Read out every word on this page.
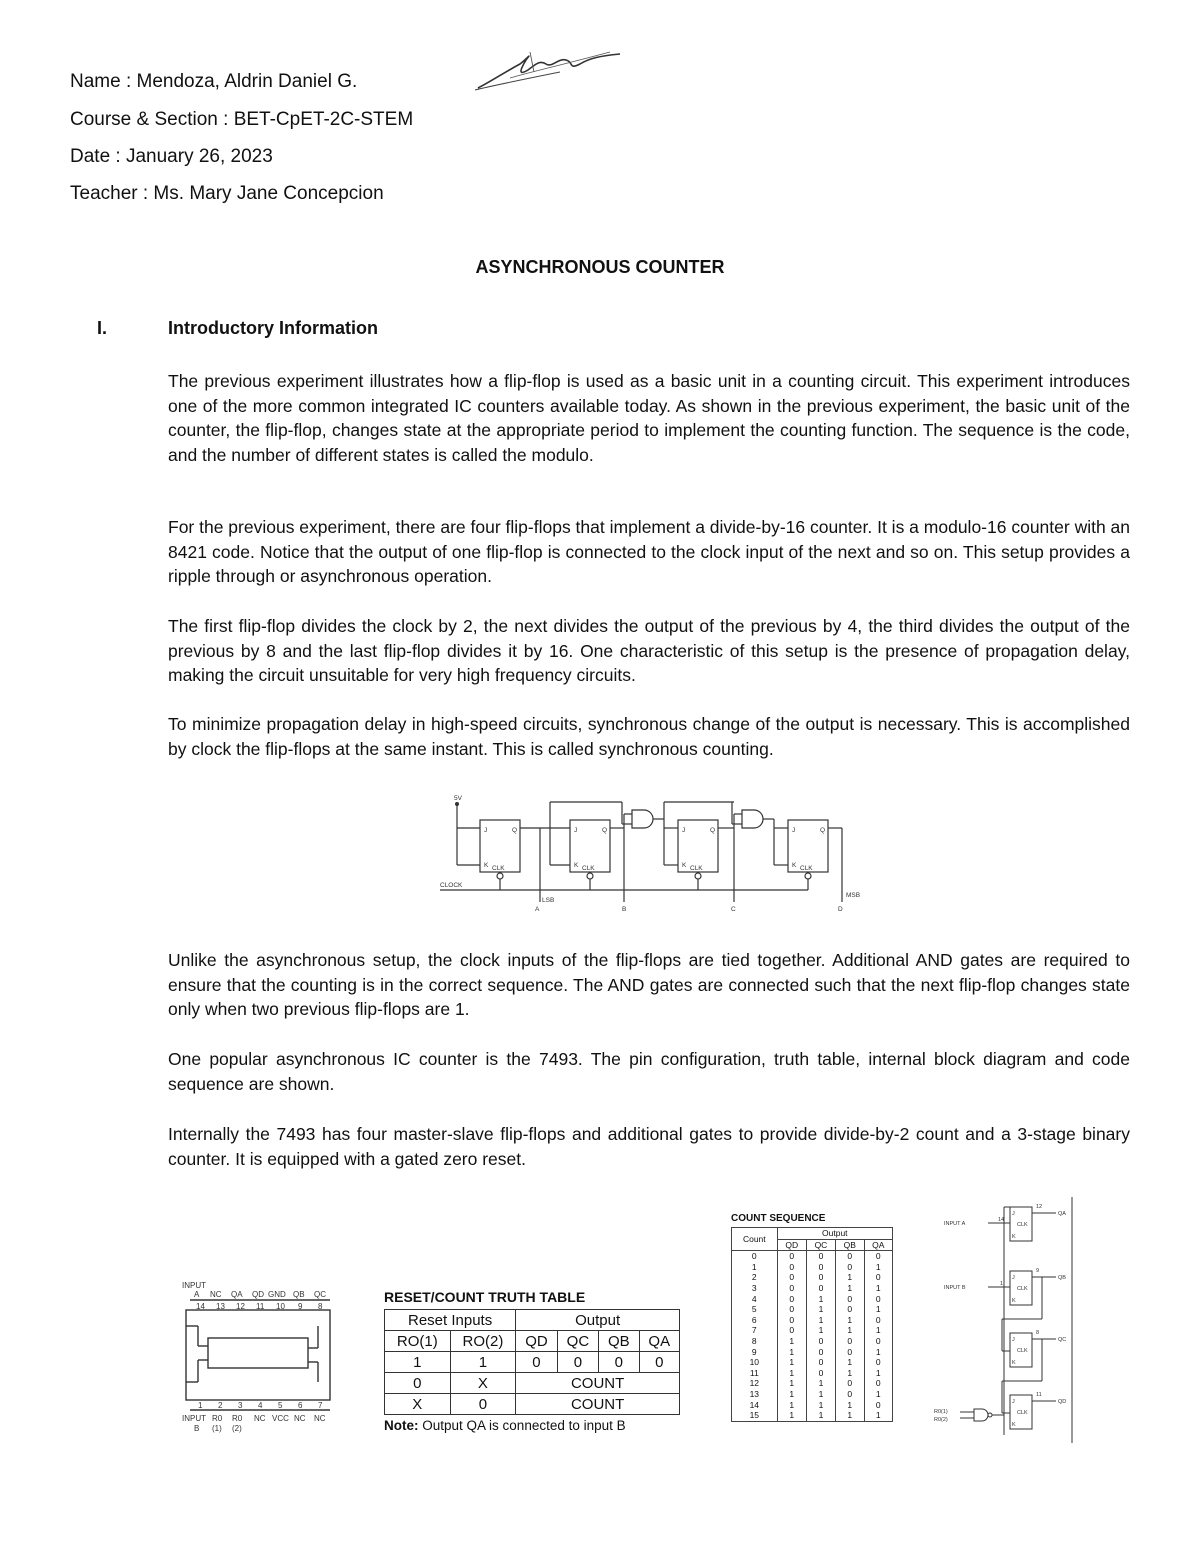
Name : Mendoza, Aldrin Daniel G.
Course & Section : BET-CpET-2C-STEM
Date : January 26, 2023
Teacher : Ms. Mary Jane Concepcion
ASYNCHRONOUS COUNTER
I.	Introductory Information
The previous experiment illustrates how a flip-flop is used as a basic unit in a counting circuit. This experiment introduces one of the more common integrated IC counters available today. As shown in the previous experiment, the basic unit of the counter, the flip-flop, changes state at the appropriate period to implement the counting function. The sequence is the code, and the number of different states is called the modulo.
For the previous experiment, there are four flip-flops that implement a divide-by-16 counter. It is a modulo-16 counter with an 8421 code. Notice that the output of one flip-flop is connected to the clock input of the next and so on. This setup provides a ripple through or asynchronous operation.
The first flip-flop divides the clock by 2, the next divides the output of the previous by 4, the third divides the output of the previous by 8 and the last flip-flop divides it by 16. One characteristic of this setup is the presence of propagation delay, making the circuit unsuitable for very high frequency circuits.
To minimize propagation delay in high-speed circuits, synchronous change of the output is necessary. This is accomplished by clock the flip-flops at the same instant. This is called synchronous counting.
5V
CLOCK
LSB
MSB
A	B	C	D
J	Q
K CLK
J	Q
K CLK
J	Q
K CLK
J	Q
K CLK
Unlike the asynchronous setup, the clock inputs of the flip-flops are tied together. Additional AND gates are required to ensure that the counting is in the correct sequence. The AND gates are connected such that the next flip-flop changes state only when two previous flip-flops are 1.
One popular asynchronous IC counter is the 7493. The pin configuration, truth table, internal block diagram and code sequence are shown.
Internally the 7493 has four master-slave flip-flops and additional gates to provide divide-by-2 count and a 3-stage binary counter. It is equipped with a gated zero reset.
INPUT
A NC QA QD GND QB QC
14 13 12 11 10 9 8
1 2 3 4 5 6 7
INPUT R0 R0 NC VCC NC NC
B (1) (2)
RESET/COUNT TRUTH TABLE
Reset Inputs		Output			
RO(1)	RO(2)	QD	QC	QB	QA
1	1	0	0	0	0
0	X	COUNT			
X	0	COUNT			
Note: Output QA is connected to input B
COUNT SEQUENCE
Count	Output			
	QD	QC	QB	QA
0	0	0	0	0
1	0	0	0	1
2	0	0	1	0
3	0	0	1	1
4	0	1	0	0
5	0	1	0	1
6	0	1	1	0
7	0	1	1	1
8	1	0	0	0
9	1	0	0	1
10	1	0	1	0
11	1	0	1	1
12	1	1	0	0
13	1	1	0	1
14	1	1	1	0
15	1	1	1	1
INPUT A
INPUT B
R0(1)
R0(2)
14
1
12
9
8
11
QA
QB
QC
QD
J
CLK
K
J
CLK
K
J
CLK
K
J
CLK
K
